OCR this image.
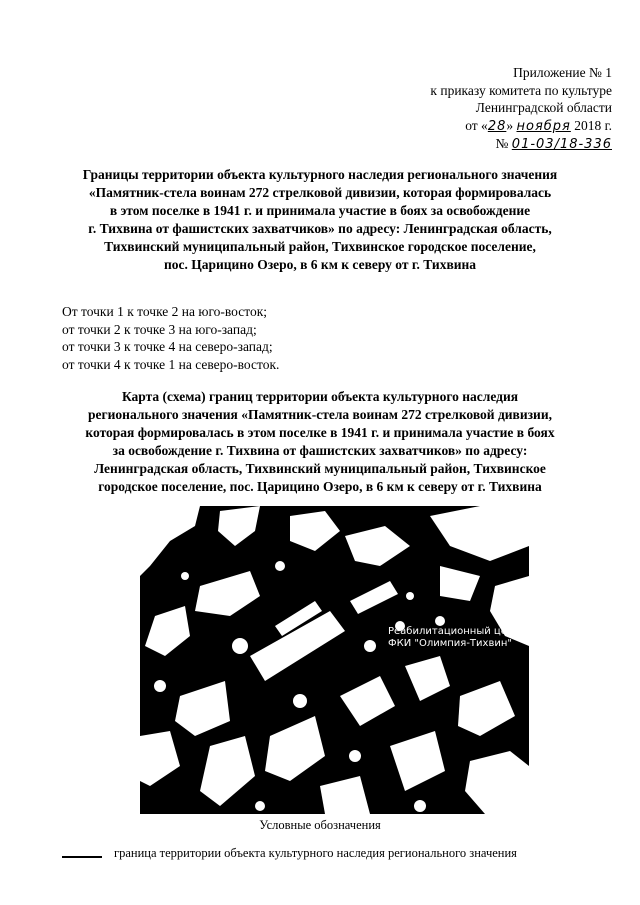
Приложение № 1
к приказу комитета по культуре
Ленинградской области
от «28» ноября 2018 г.
№ 01-03/18-336
Границы территории объекта культурного наследия регионального значения
«Памятник-стела воинам 272 стрелковой дивизии, которая формировалась
в этом поселке в 1941 г. и принимала участие в боях за освобождение
г. Тихвина от фашистских захватчиков» по адресу: Ленинградская область,
Тихвинский муниципальный район, Тихвинское городское поселение,
пос. Царицино Озеро, в 6 км к северу от г. Тихвина
От точки 1 к точке 2 на юго-восток;
от точки 2 к точке 3 на юго-запад;
от точки 3 к точке 4 на северо-запад;
от точки 4 к точке 1 на северо-восток.
Карта (схема) границ территории объекта культурного наследия
регионального значения «Памятник-стела воинам 272 стрелковой дивизии,
которая формировалась в этом поселке в 1941 г. и принимала участие в боях
за освобождение г. Тихвина от фашистских захватчиков» по адресу:
Ленинградская область, Тихвинский муниципальный район, Тихвинское
городское поселение, пос. Царицино Озеро, в 6 км к северу от г. Тихвина
Реабилитационный центр
ФКИ "Олимпия-Тихвин"
Условные обозначения
граница территории объекта культурного наследия регионального значения
